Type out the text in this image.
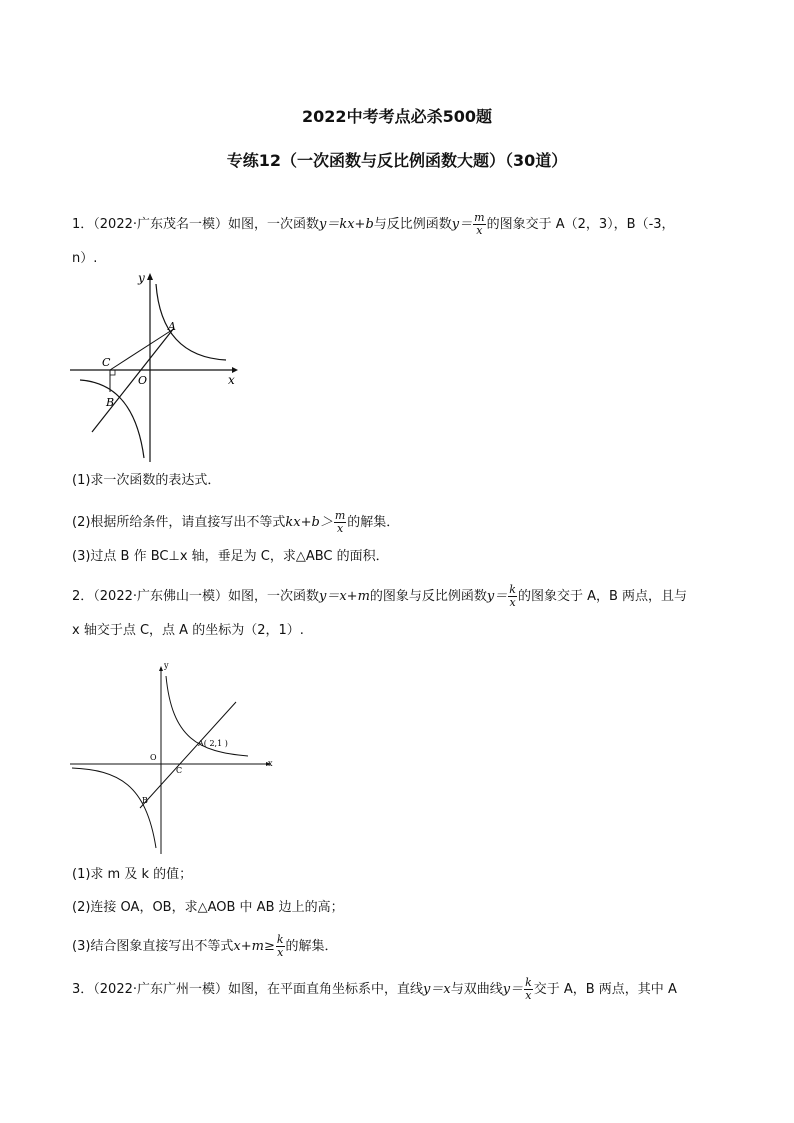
2022中考考点必杀500题
专练12（一次函数与反比例函数大题）（30道）
1．（2022·广东茂名一模）如图，一次函数y＝kx+b与反比例函数$y= \frac{m}{x}$ 的图象交于 A（2，3），B（-3，
n）.
y
x
O
A
B
C
(1)求一次函数的表达式．
(2)根据所给条件，请直接写出不等式$kx+b> \frac{m}{x}$ 的解集．
(3)过点 B 作 BC⊥x 轴，垂足为 C，求△ABC 的面积．
2．（2022·广东佛山一模）如图，一次函数y＝x+m的图象与反比例函数$y= \frac{k}{x}$ 的图象交于 A，B 两点，且与
x 轴交于点 C，点 A 的坐标为（2，1）.
y
x
O
A( 2,1 )
B
C
(1)求 m 及 k 的值；
(2)连接 OA，OB，求△AOB 中 AB 边上的高；
(3)结合图象直接写出不等式$x+m\ge \frac{k}{x}$ 的解集．
3．（2022·广东广州一模）如图，在平面直角坐标系中，直线y＝x与双曲线$y= \frac{k}{x}$ 交于 A，B 两点，其中 A
